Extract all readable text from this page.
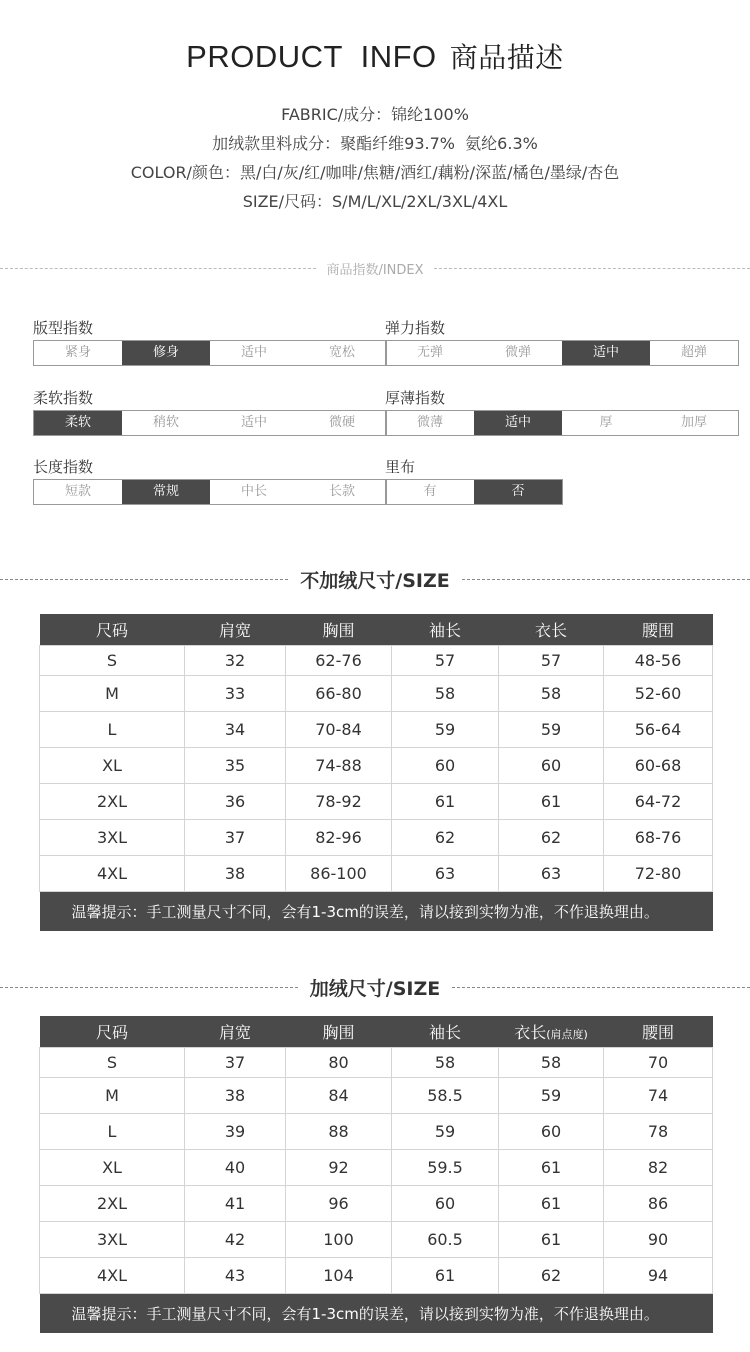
PRODUCT  INFO 商品描述
FABRIC/成分：锦纶100%
加绒款里料成分：聚酯纤维93.7%  氨纶6.3%
COLOR/颜色：黑/白/灰/红/咖啡/焦糖/酒红/藕粉/深蓝/橘色/墨绿/杏色
SIZE/尺码：S/M/L/XL/2XL/3XL/4XL
商品指数/INDEX
版型指数
紧身	修身	适中	宽松
弹力指数
无弹	微弹	适中	超弹
柔软指数
柔软	稍软	适中	微硬
厚薄指数
微薄	适中	厚	加厚
长度指数
短款	常规	中长	长款
里布
有	否
不加绒尺寸/SIZE
尺码	肩宽	胸围	袖长	衣长	腰围
S	32	62-76	57	57	48-56
M	33	66-80	58	58	52-60
L	34	70-84	59	59	56-64
XL	35	74-88	60	60	60-68
2XL	36	78-92	61	61	64-72
3XL	37	82-96	62	62	68-76
4XL	38	86-100	63	63	72-80
温馨提示：手工测量尺寸不同，会有1-3cm的误差，请以接到实物为准，不作退换理由。					
加绒尺寸/SIZE
尺码	肩宽	胸围	袖长	衣长(肩点度)	腰围
S	37	80	58	58	70
M	38	84	58.5	59	74
L	39	88	59	60	78
XL	40	92	59.5	61	82
2XL	41	96	60	61	86
3XL	42	100	60.5	61	90
4XL	43	104	61	62	94
温馨提示：手工测量尺寸不同，会有1-3cm的误差，请以接到实物为准，不作退换理由。					
